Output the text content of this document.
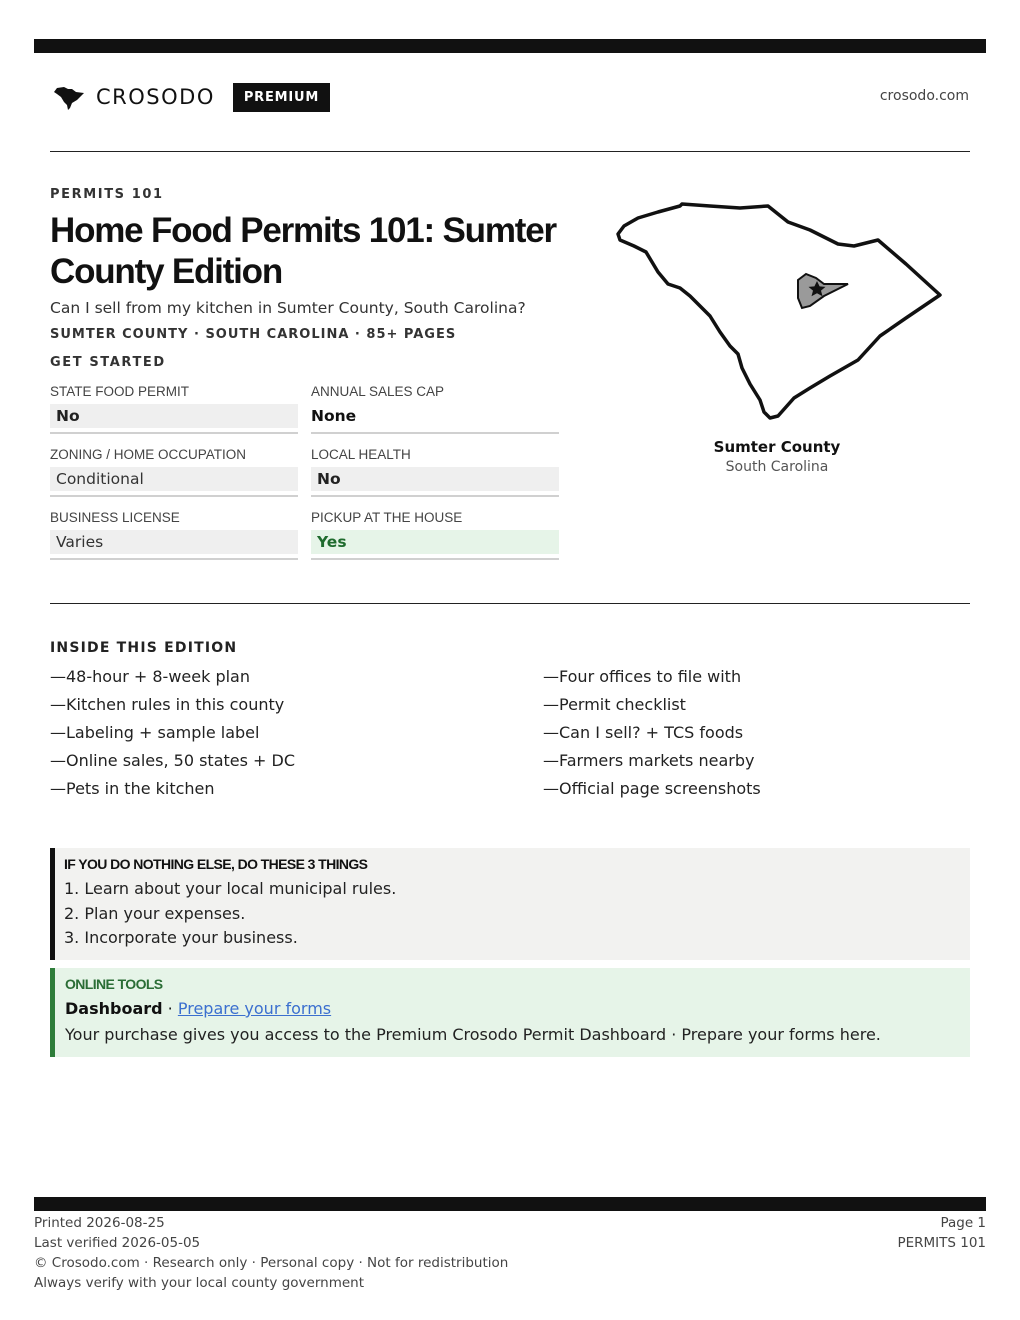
CROSODO	PREMIUM	crosodo.com
PERMITS 101
Home Food Permits 101: Sumter County Edition
Can I sell from my kitchen in Sumter County, South Carolina?
SUMTER COUNTY · SOUTH CAROLINA · 85+ PAGES
GET STARTED
STATE FOOD PERMIT
No
ANNUAL SALES CAP
None
ZONING / HOME OCCUPATION
Conditional
LOCAL HEALTH
No
BUSINESS LICENSE
Varies
PICKUP AT THE HOUSE
Yes
Sumter County
South Carolina
INSIDE THIS EDITION
—48-hour + 8-week plan
—Kitchen rules in this county
—Labeling + sample label
—Online sales, 50 states + DC
—Pets in the kitchen
—Four offices to file with
—Permit checklist
—Can I sell? + TCS foods
—Farmers markets nearby
—Official page screenshots
IF YOU DO NOTHING ELSE, DO THESE 3 THINGS
1. Learn about your local municipal rules.
2. Plan your expenses.
3. Incorporate your business.
ONLINE TOOLS
Dashboard · Prepare your forms
Your purchase gives you access to the Premium Crosodo Permit Dashboard · Prepare your forms here.
Printed 2026-08-25
Last verified 2026-05-05
© Crosodo.com · Research only · Personal copy · Not for redistribution
Always verify with your local county government
Page 1
PERMITS 101
